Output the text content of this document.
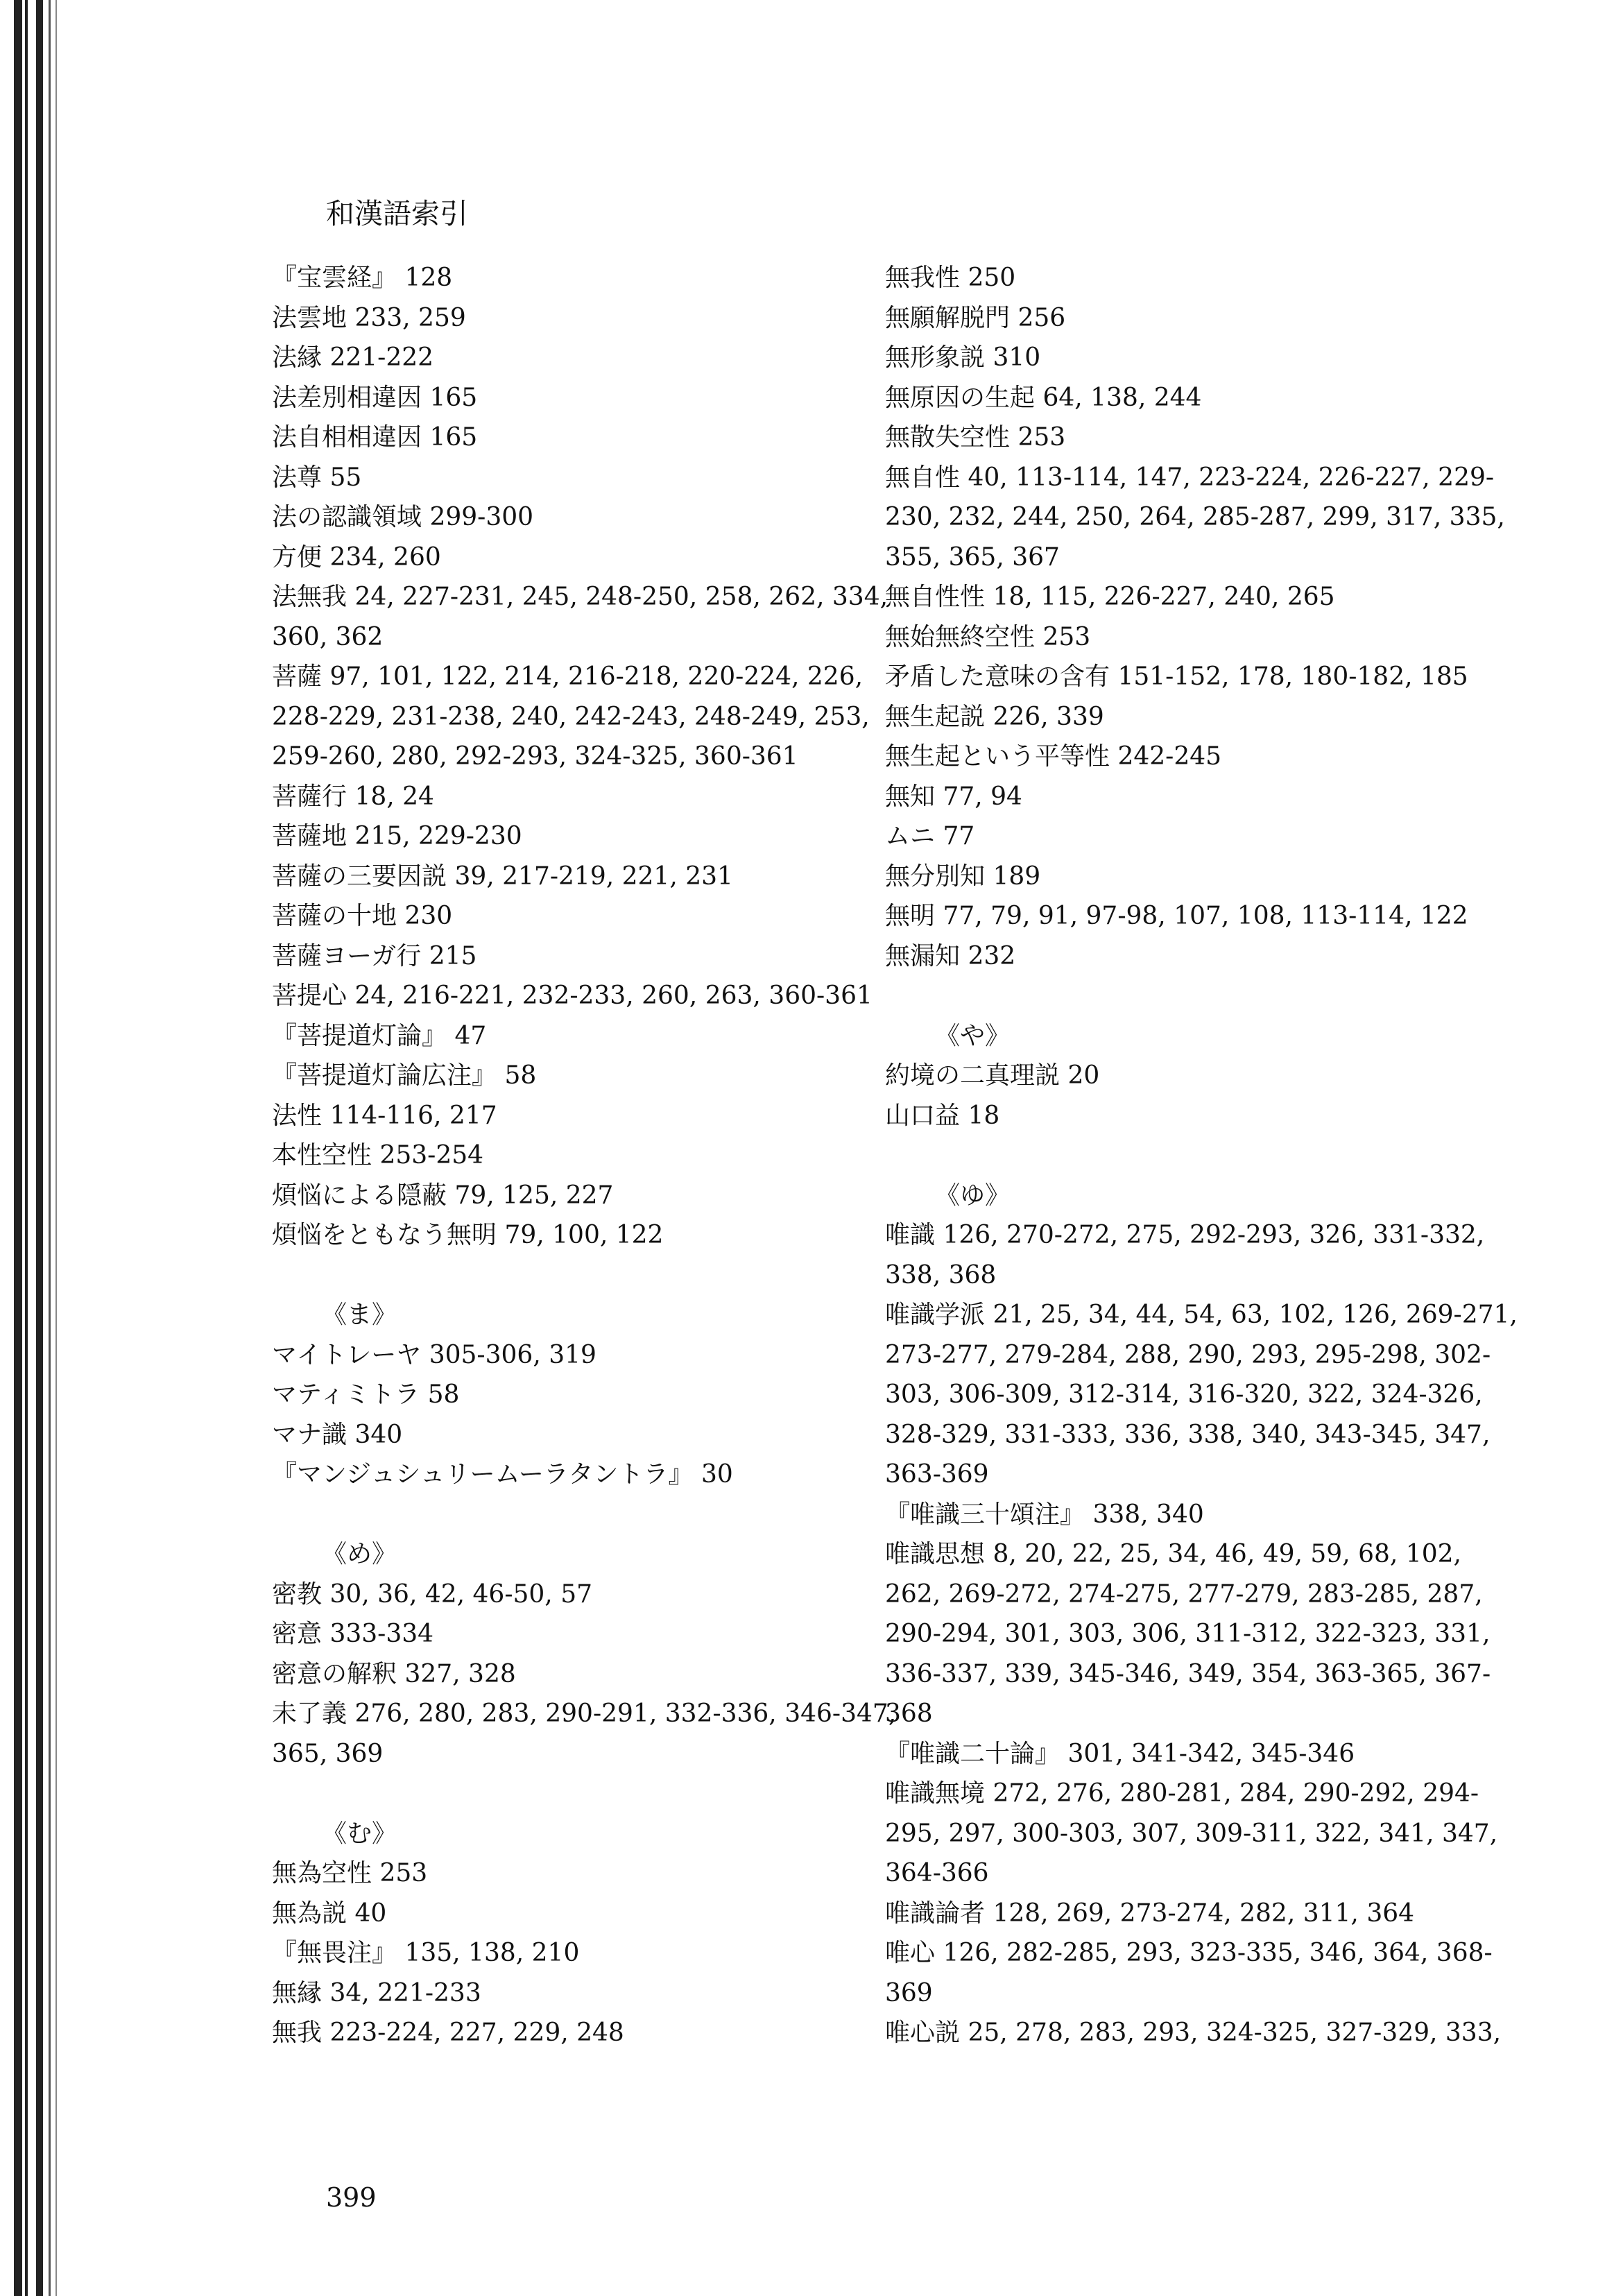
和漢語索引
『宝雲経』 128
法雲地 233, 259
法縁 221-222
法差別相違因 165
法自相相違因 165
法尊 55
法の認識領域 299-300
方便 234, 260
法無我 24, 227-231, 245, 248-250, 258, 262, 334,
360, 362
菩薩 97, 101, 122, 214, 216-218, 220-224, 226,
228-229, 231-238, 240, 242-243, 248-249, 253,
259-260, 280, 292-293, 324-325, 360-361
菩薩行 18, 24
菩薩地 215, 229-230
菩薩の三要因説 39, 217-219, 221, 231
菩薩の十地 230
菩薩ヨーガ行 215
菩提心 24, 216-221, 232-233, 260, 263, 360-361
『菩提道灯論』 47
『菩提道灯論広注』 58
法性 114-116, 217
本性空性 253-254
煩悩による隠蔽 79, 125, 227
煩悩をともなう無明 79, 100, 122
《ま》
マイトレーヤ 305-306, 319
マティミトラ 58
マナ識 340
『マンジュシュリームーラタントラ』 30
《め》
密教 30, 36, 42, 46-50, 57
密意 333-334
密意の解釈 327, 328
未了義 276, 280, 283, 290-291, 332-336, 346-347,
365, 369
《む》
無為空性 253
無為説 40
『無畏注』 135, 138, 210
無縁 34, 221-233
無我 223-224, 227, 229, 248
無我性 250
無願解脱門 256
無形象説 310
無原因の生起 64, 138, 244
無散失空性 253
無自性 40, 113-114, 147, 223-224, 226-227, 229-
230, 232, 244, 250, 264, 285-287, 299, 317, 335,
355, 365, 367
無自性性 18, 115, 226-227, 240, 265
無始無終空性 253
矛盾した意味の含有 151-152, 178, 180-182, 185
無生起説 226, 339
無生起という平等性 242-245
無知 77, 94
ムニ 77
無分別知 189
無明 77, 79, 91, 97-98, 107, 108, 113-114, 122
無漏知 232
《や》
約境の二真理説 20
山口益 18
《ゆ》
唯識 126, 270-272, 275, 292-293, 326, 331-332,
338, 368
唯識学派 21, 25, 34, 44, 54, 63, 102, 126, 269-271,
273-277, 279-284, 288, 290, 293, 295-298, 302-
303, 306-309, 312-314, 316-320, 322, 324-326,
328-329, 331-333, 336, 338, 340, 343-345, 347,
363-369
『唯識三十頌注』 338, 340
唯識思想 8, 20, 22, 25, 34, 46, 49, 59, 68, 102,
262, 269-272, 274-275, 277-279, 283-285, 287,
290-294, 301, 303, 306, 311-312, 322-323, 331,
336-337, 339, 345-346, 349, 354, 363-365, 367-
368
『唯識二十論』 301, 341-342, 345-346
唯識無境 272, 276, 280-281, 284, 290-292, 294-
295, 297, 300-303, 307, 309-311, 322, 341, 347,
364-366
唯識論者 128, 269, 273-274, 282, 311, 364
唯心 126, 282-285, 293, 323-335, 346, 364, 368-
369
唯心説 25, 278, 283, 293, 324-325, 327-329, 333,
399
